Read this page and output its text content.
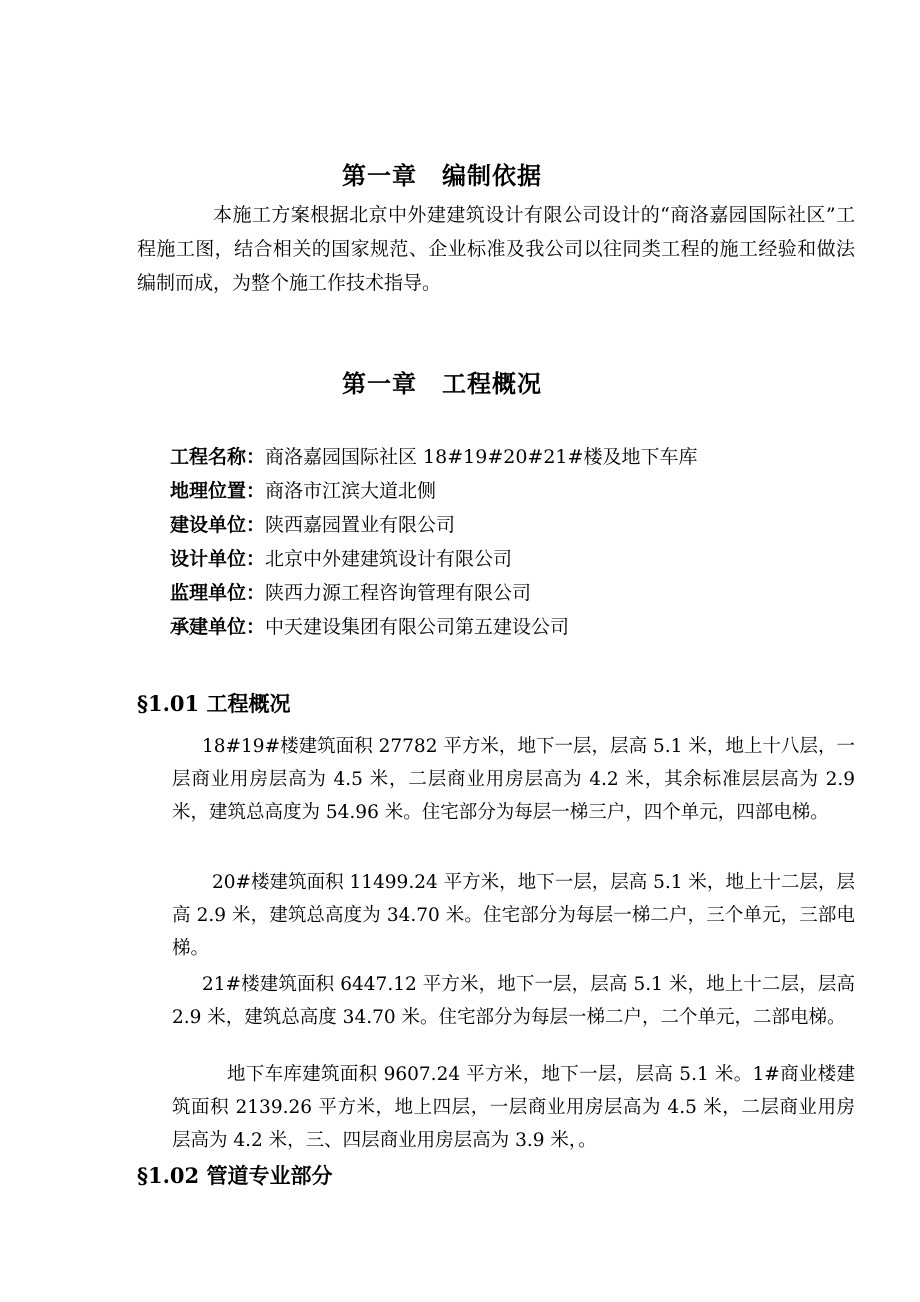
第一章　编制依据

本施工方案根据北京中外建建筑设计有限公司设计的“商洛嘉园国际社区”工程施工图，结合相关的国家规范、企业标准及我公司以往同类工程的施工经验和做法编制而成，为整个施工作技术指导。

第一章　工程概况
工程名称：商洛嘉园国际社区 18#19#20#21#楼及地下车库
地理位置：商洛市江滨大道北侧
建设单位：陕西嘉园置业有限公司
设计单位：北京中外建建筑设计有限公司
监理单位：陕西力源工程咨询管理有限公司
承建单位：中天建设集团有限公司第五建设公司
§1.01 工程概况

18#19#楼建筑面积 27782 平方米，地下一层，层高 5.1 米，地上十八层，一层商业用房层高为 4.5 米，二层商业用房层高为 4.2 米，其余标准层层高为 2.9 米，建筑总高度为 54.96 米。住宅部分为每层一梯三户，四个单元，四部电梯。

20#楼建筑面积 11499.24 平方米，地下一层，层高 5.1 米，地上十二层，层高 2.9 米，建筑总高度为 34.70 米。住宅部分为每层一梯二户，三个单元，三部电梯。

21#楼建筑面积 6447.12 平方米，地下一层，层高 5.1 米，地上十二层，层高 2.9 米，建筑总高度 34.70 米。住宅部分为每层一梯二户，二个单元，二部电梯。

地下车库建筑面积 9607.24 平方米，地下一层，层高 5.1 米。1#商业楼建筑面积 2139.26 平方米，地上四层，一层商业用房层高为 4.5 米，二层商业用房层高为 4.2 米，三、四层商业用房层高为 3.9 米，。

§1.02 管道专业部分
